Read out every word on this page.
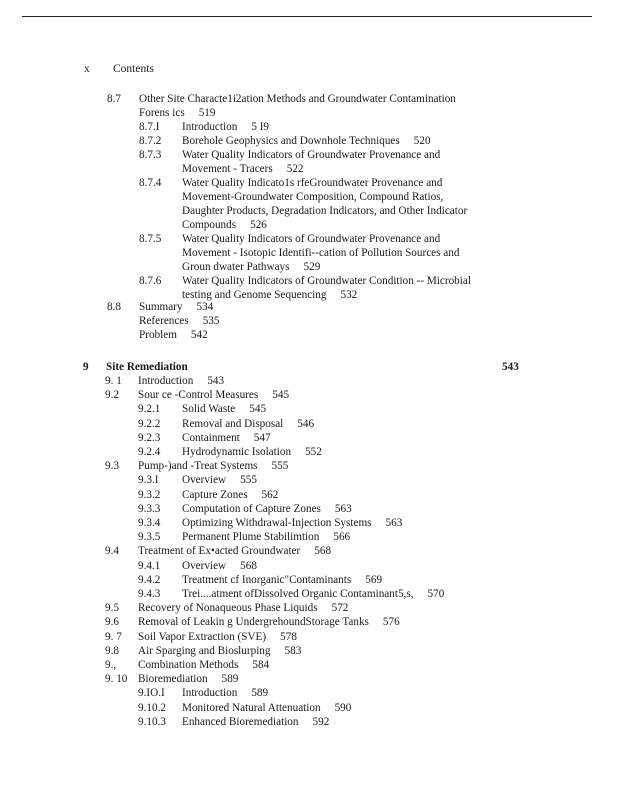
x Contents
8.7 Other Site Characte1i2ation Methods and Groundwater Contamination
Forens ics 519
8.7.I Introduction 5 I9
8.7.2 Borehole Geophysics and Downhole Techniques 520
8.7.3 Water Quality Indicators of Groundwater Provenance and
Movement - Tracers 522
8.7.4 Water Quality Indicato1s rfeGroundwater Provenance and
Movement-Groundwater Composition, Compound Ratios,
Daughter Products, Degradation Indicators, and Other Indicator
Compounds 526
8.7.5 Water Quality Indicators of Groundwater Provenance and
Movement - Isotopic Identifi--cation of Pollution Sources and
Groun dwater Pathways 529
8.7.6 Water Quality Indicators of Groundwater Condition -- Microbial
testing and Genome Sequencing 532
8.8 Summary 534
References 535
Problem 542
9 Site Remediation	543
9. 1 Introduction 543
9.2 Sour ce -Control Measures 545
9.2.1 Solid Waste 545
9.2.2 Removal and Disposal 546
9.2.3 Containment 547
9.2.4 Hydrodynamic Isolation 552
9.3 Pump-)and -Treat Systems 555
9.3.I Overview 555
9.3.2 Capture Zones 562
9.3.3 Computation of Capture Zones 563
9.3.4 Optimizing Withdrawal-Injection Systems 563
9.3.5 Permanent Plume Stabilimtion 566
9.4 Treatment of Ex•acted Groundwater 568
9.4.1 Overview 568
9.4.2 Treatment cf Inorganic"Contaminants 569
9.4.3 Trei....atment ofDissolved Organic Contaminant5,s, 570
9.5 Recovery of Nonaqueous Phase Liquids 572
9.6 Removal of Leakin g UndergrehoundStorage Tanks 576
9. 7 Soil Vapor Extraction (SVE) 578
9.8 Air Sparging and Bioslurping 583
9., Combination Methods 584
9. 10 Bioremediation 589
9.IO.I Introduction 589
9.10.2 Monitored Natural Attenuation 590
9.10.3 Enhanced Bioremediation 592
